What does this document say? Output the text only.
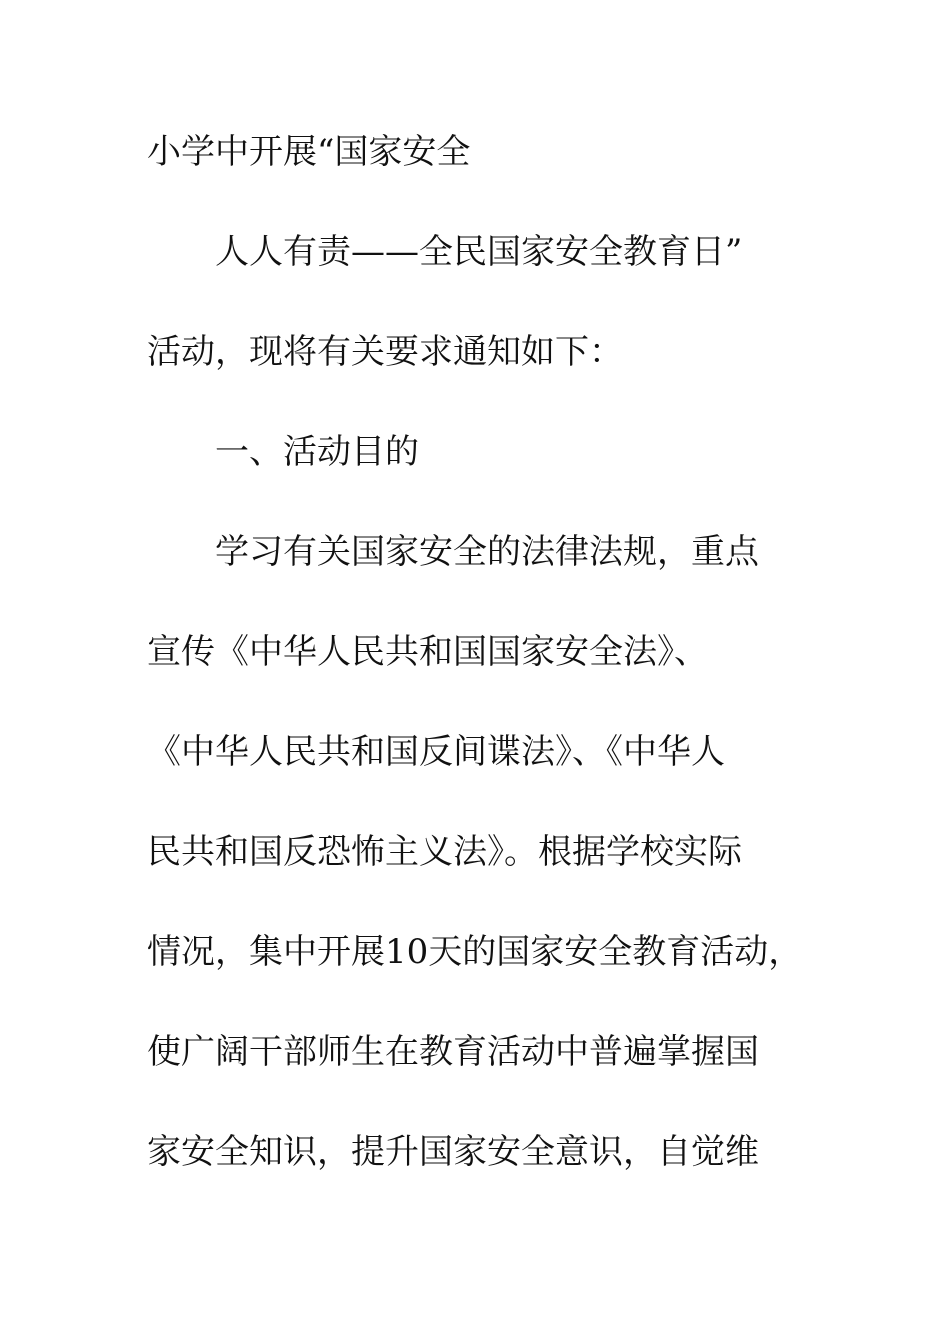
小学中开展“国家安全
人人有责——全民国家安全教育日”
活动，现将有关要求通知如下：
一、活动目的
学习有关国家安全的法律法规，重点
宣传《中华人民共和国国家安全法》、
《中华人民共和国反间谍法》、《中华人
民共和国反恐怖主义法》。根据学校实际
情况，集中开展10天的国家安全教育活动，
使广阔干部师生在教育活动中普遍掌握国
家安全知识，提升国家安全意识，自觉维
